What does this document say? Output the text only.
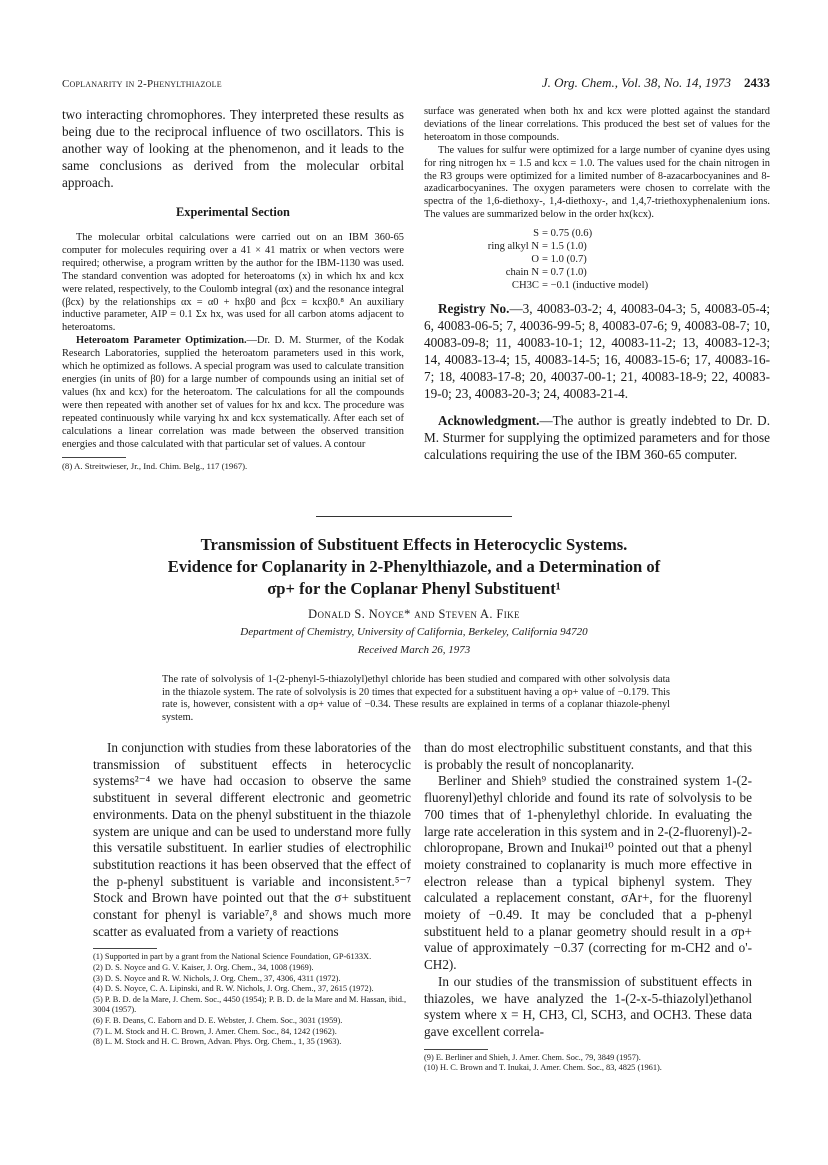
Coplanarity in 2-Phenylthiazole	J. Org. Chem., Vol. 38, No. 14, 1973 2433

two interacting chromophores. They interpreted these results as being due to the reciprocal influence of two oscillators. This is another way of looking at the phenomenon, and it leads to the same conclusions as derived from the molecular orbital approach.

Experimental Section

The molecular orbital calculations were carried out on an IBM 360-65 computer for molecules requiring over a 41 × 41 matrix or when vectors were required; otherwise, a program written by the author for the IBM-1130 was used. The standard convention was adopted for heteroatoms (x) in which hx and kcx were related, respectively, to the Coulomb integral (αx) and the resonance integral (βcx) by the relationships αx = α0 + hxβ0 and βcx = kcxβ0.⁸ An auxiliary inductive parameter, AIP = 0.1 Σx hx, was used for all carbon atoms adjacent to heteroatoms.

Heteroatom Parameter Optimization.—Dr. D. M. Sturmer, of the Kodak Research Laboratories, supplied the heteroatom parameters used in this work, which he optimized as follows. A special program was used to calculate transition energies (in units of β0) for a large number of compounds using an initial set of values (hx and kcx) for the heteroatom. The calculations for all the compounds were then repeated with another set of values for hx and kcx. The procedure was repeated continuously while varying hx and kcx systematically. After each set of calculations a linear correlation was made between the observed transition energies and those calculated with that particular set of values. A contour

(8) A. Streitwieser, Jr., Ind. Chim. Belg., 117 (1967).

surface was generated when both hx and kcx were plotted against the standard deviations of the linear correlations. This produced the best set of values for the heteroatom in those compounds.

The values for sulfur were optimized for a large number of cyanine dyes using for ring nitrogen hx = 1.5 and kcx = 1.0. The values used for the chain nitrogen in the R3 groups were optimized for a limited number of 8-azacarbocyanines and 8-azadicarbocyanines. The oxygen parameters were chosen to correlate with the spectra of the 1,6-diethoxy-, 1,4-diethoxy-, and 1,4,7-triethoxyphenalenium ions. The values are summarized below in the order hx(kcx).

S = 0.75 (0.6)
ring alkyl N = 1.5 (1.0)
O = 1.0 (0.7)
chain N = 0.7 (1.0)
CH3C = −0.1 (inductive model)

Registry No.—3, 40083-03-2; 4, 40083-04-3; 5, 40083-05-4; 6, 40083-06-5; 7, 40036-99-5; 8, 40083-07-6; 9, 40083-08-7; 10, 40083-09-8; 11, 40083-10-1; 12, 40083-11-2; 13, 40083-12-3; 14, 40083-13-4; 15, 40083-14-5; 16, 40083-15-6; 17, 40083-16-7; 18, 40083-17-8; 20, 40037-00-1; 21, 40083-18-9; 22, 40083-19-0; 23, 40083-20-3; 24, 40083-21-4.

Acknowledgment.—The author is greatly indebted to Dr. D. M. Sturmer for supplying the optimized parameters and for those calculations requiring the use of the IBM 360-65 computer.

Transmission of Substituent Effects in Heterocyclic Systems.

Evidence for Coplanarity in 2-Phenylthiazole, and a Determination of

σp+ for the Coplanar Phenyl Substituent¹

Donald S. Noyce* and Steven A. Fike
Department of Chemistry, University of California, Berkeley, California 94720
Received March 26, 1973
The rate of solvolysis of 1-(2-phenyl-5-thiazolyl)ethyl chloride has been studied and compared with other solvolysis data in the thiazole system. The rate of solvolysis is 20 times that expected for a substituent having a σp+ value of −0.179. This rate is, however, consistent with a σp+ value of −0.34. These results are explained in terms of a coplanar thiazole-phenyl system.

In conjunction with studies from these laboratories of the transmission of substituent effects in heterocyclic systems²⁻⁴ we have had occasion to observe the same substituent in several different electronic and geometric environments. Data on the phenyl substituent in the thiazole system are unique and can be used to understand more fully this versatile substituent. In earlier studies of electrophilic substitution reactions it has been observed that the effect of the p-phenyl substituent is variable and inconsistent.⁵⁻⁷ Stock and Brown have pointed out that the σ+ substituent constant for phenyl is variable⁷,⁸ and shows much more scatter as evaluated from a variety of reactions

(1) Supported in part by a grant from the National Science Foundation, GP-6133X.

(2) D. S. Noyce and G. V. Kaiser, J. Org. Chem., 34, 1008 (1969).

(3) D. S. Noyce and R. W. Nichols, J. Org. Chem., 37, 4306, 4311 (1972).

(4) D. S. Noyce, C. A. Lipinski, and R. W. Nichols, J. Org. Chem., 37, 2615 (1972).

(5) P. B. D. de la Mare, J. Chem. Soc., 4450 (1954); P. B. D. de la Mare and M. Hassan, ibid., 3004 (1957).

(6) F. B. Deans, C. Eaborn and D. E. Webster, J. Chem. Soc., 3031 (1959).

(7) L. M. Stock and H. C. Brown, J. Amer. Chem. Soc., 84, 1242 (1962).

(8) L. M. Stock and H. C. Brown, Advan. Phys. Org. Chem., 1, 35 (1963).

than do most electrophilic substituent constants, and that this is probably the result of noncoplanarity.

Berliner and Shieh⁹ studied the constrained system 1-(2-fluorenyl)ethyl chloride and found its rate of solvolysis to be 700 times that of 1-phenylethyl chloride. In evaluating the large rate acceleration in this system and in 2-(2-fluorenyl)-2-chloropropane, Brown and Inukai¹⁰ pointed out that a phenyl moiety constrained to coplanarity is much more effective in electron release than a typical biphenyl system. They calculated a replacement constant, σAr+, for the fluorenyl moiety of −0.49. It may be concluded that a p-phenyl substituent held to a planar geometry should result in a σp+ value of approximately −0.37 (correcting for m-CH2 and o'-CH2).

In our studies of the transmission of substituent effects in thiazoles, we have analyzed the 1-(2-x-5-thiazolyl)ethanol system where x = H, CH3, Cl, SCH3, and OCH3. These data gave excellent correla-

(9) E. Berliner and Shieh, J. Amer. Chem. Soc., 79, 3849 (1957).

(10) H. C. Brown and T. Inukai, J. Amer. Chem. Soc., 83, 4825 (1961).
